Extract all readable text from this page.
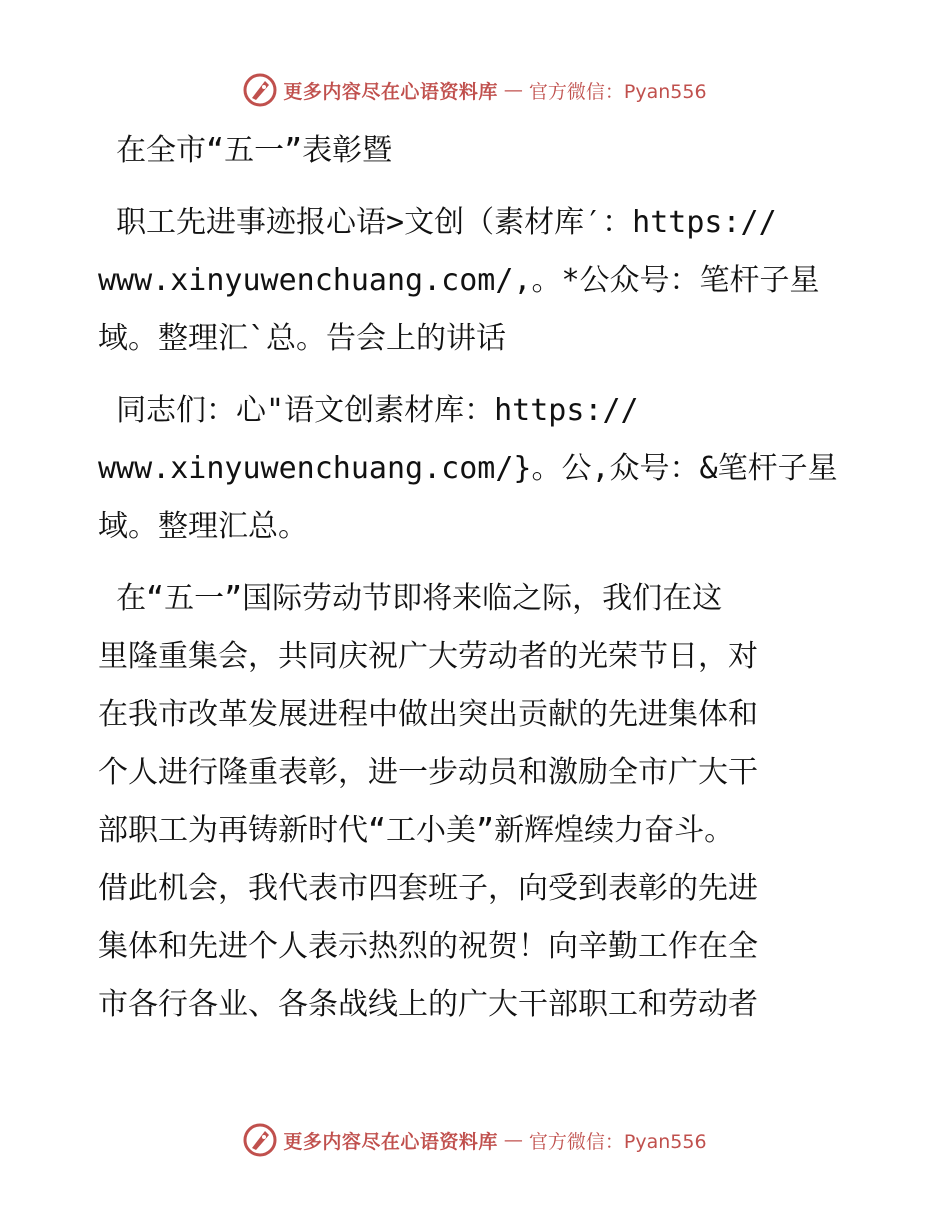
更多内容尽在心语资料库 — 官方微信：Pyan556

在全市“五一”表彰暨

职工先进事迹报心语>文创（素材库′：https://
www.xinyuwenchuang.com/,。*公众号：笔杆子星
域。整理汇`总。告会上的讲话

同志们：心"语文创素材库：https://
www.xinyuwenchuang.com/}。公,众号：&笔杆子星
域。整理汇总。

在“五一”国际劳动节即将来临之际，我们在这
里隆重集会，共同庆祝广大劳动者的光荣节日，对
在我市改革发展进程中做出突出贡献的先进集体和
个人进行隆重表彰，进一步动员和激励全市广大干
部职工为再铸新时代“工小美”新辉煌续力奋斗。
借此机会，我代表市四套班子，向受到表彰的先进
集体和先进个人表示热烈的祝贺！向辛勤工作在全
市各行各业、各条战线上的广大干部职工和劳动者

更多内容尽在心语资料库 — 官方微信：Pyan556
